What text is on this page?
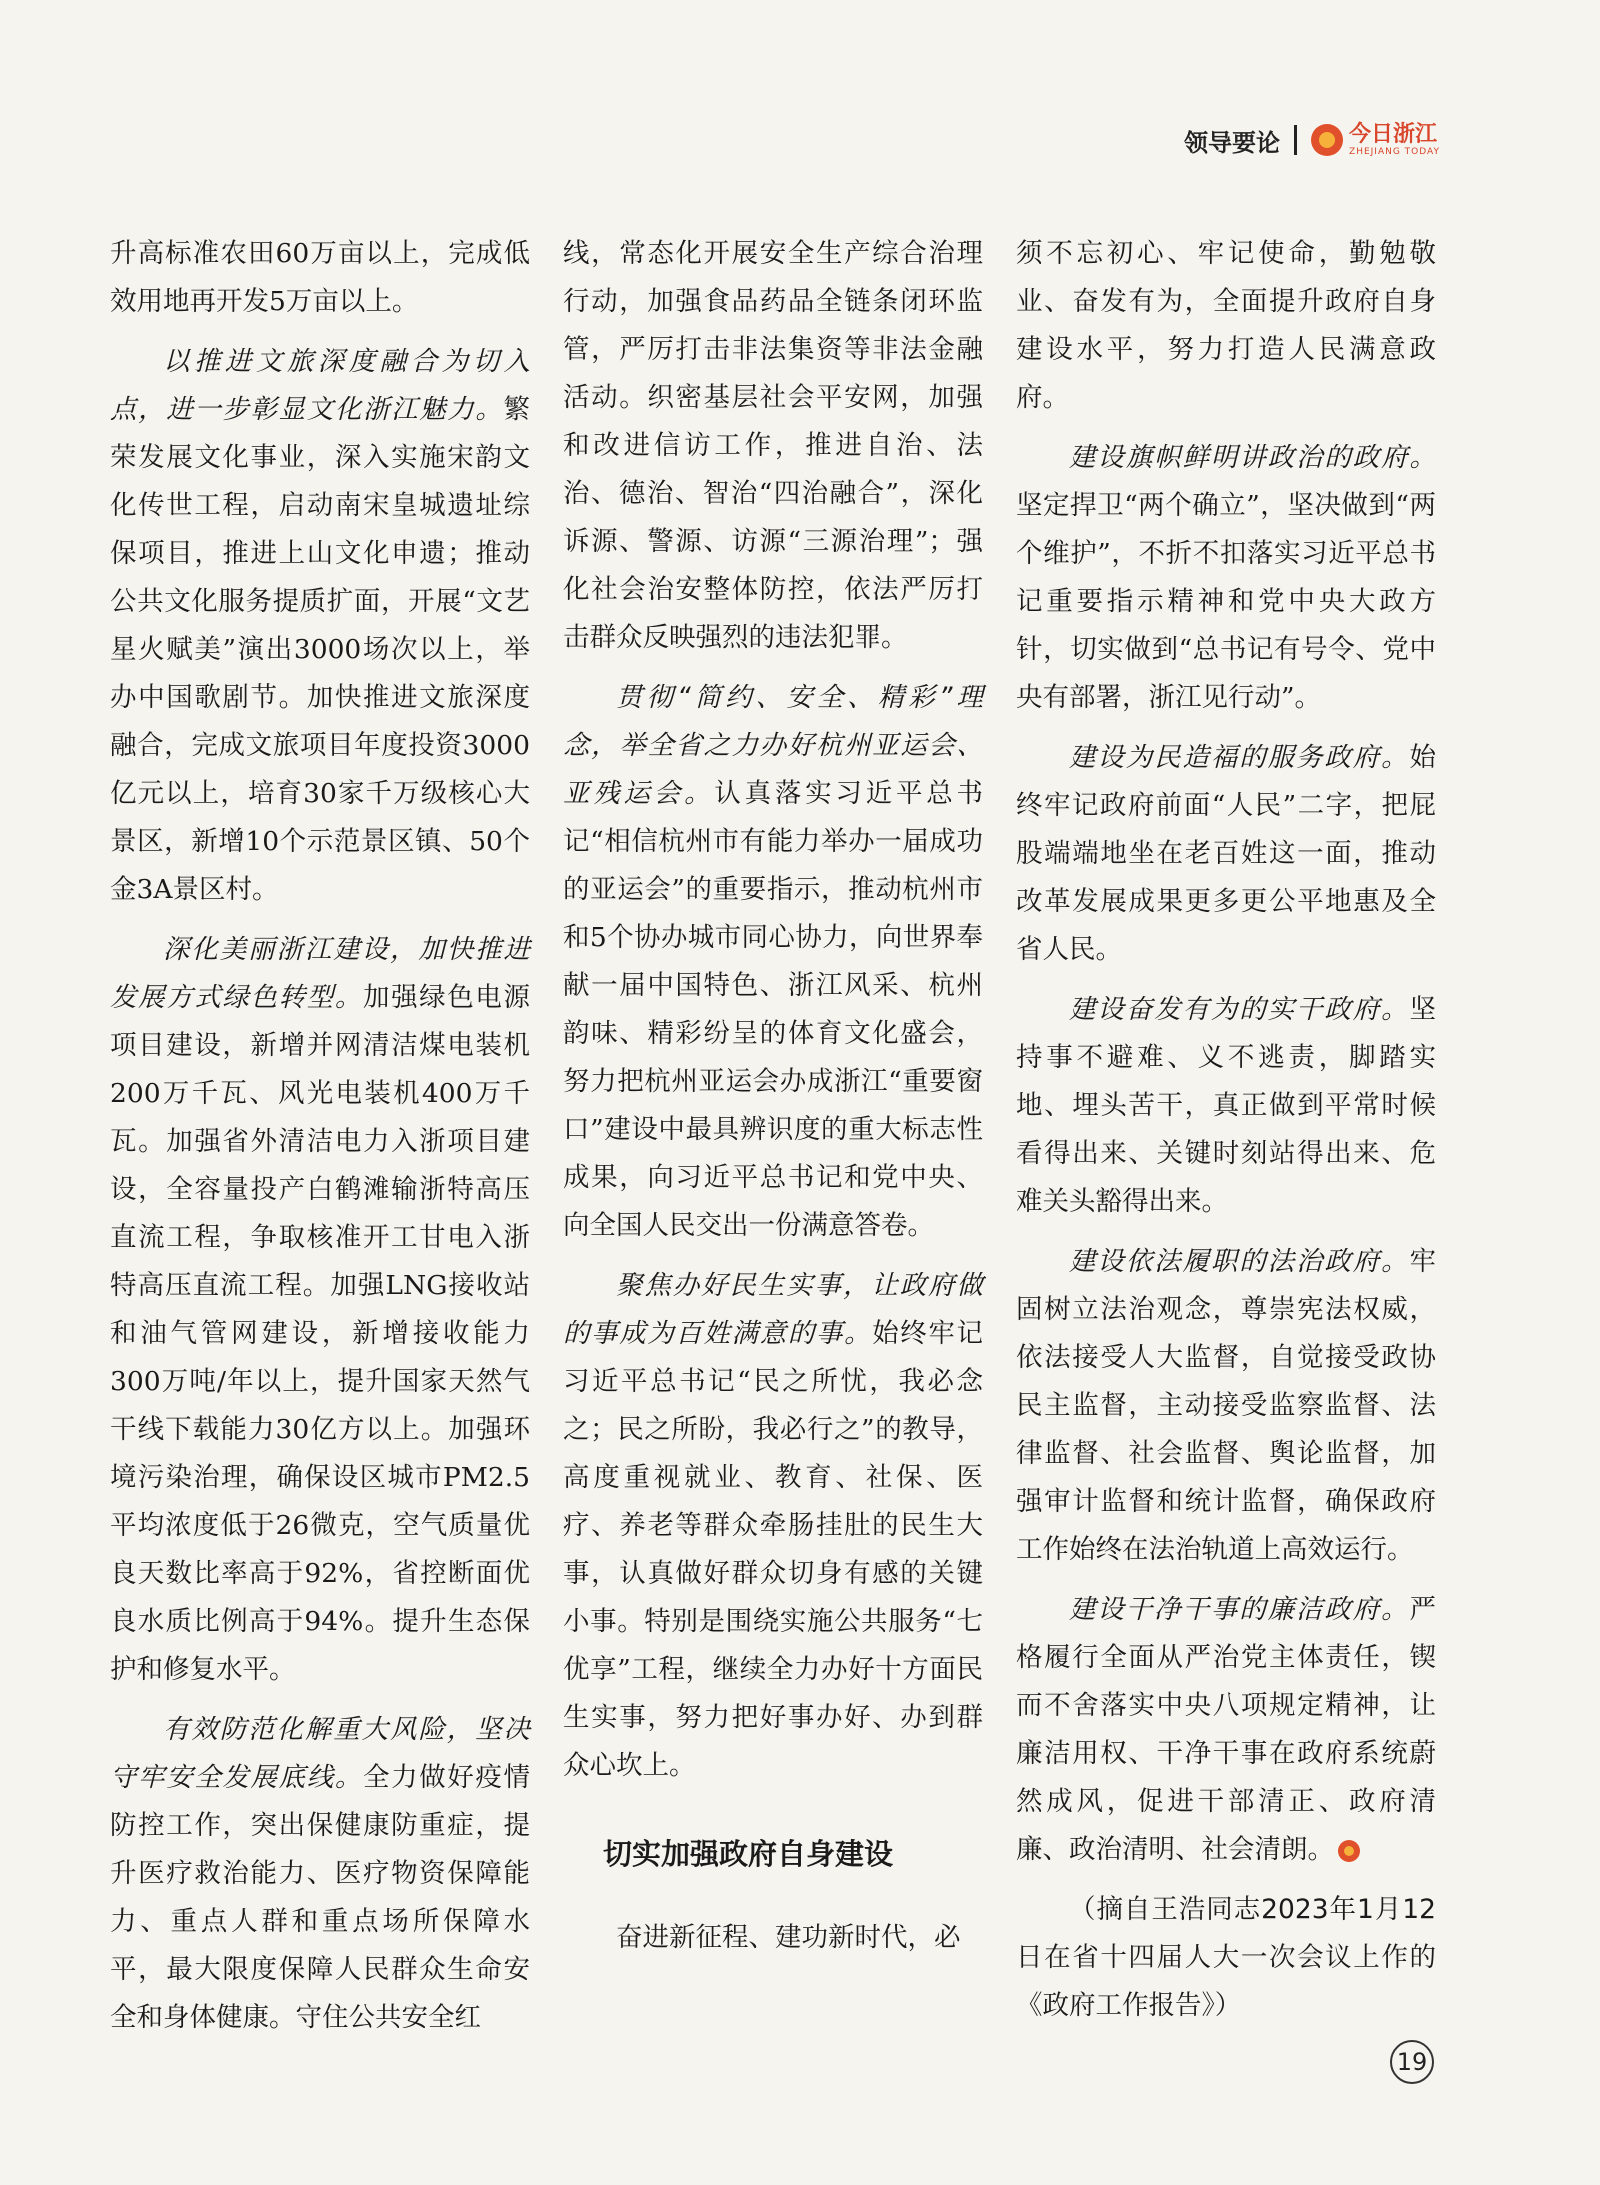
领导要论	今日浙江
ZHEJIANG TODAY

升高标准农田60万亩以上，完成低效用地再开发5万亩以上。

以推进文旅深度融合为切入点，进一步彰显文化浙江魅力。繁荣发展文化事业，深入实施宋韵文化传世工程，启动南宋皇城遗址综保项目，推进上山文化申遗；推动公共文化服务提质扩面，开展“文艺星火赋美”演出3000场次以上，举办中国歌剧节。加快推进文旅深度融合，完成文旅项目年度投资3000亿元以上，培育30家千万级核心大景区，新增10个示范景区镇、50个金3A景区村。

深化美丽浙江建设，加快推进发展方式绿色转型。加强绿色电源项目建设，新增并网清洁煤电装机200万千瓦、风光电装机400万千瓦。加强省外清洁电力入浙项目建设，全容量投产白鹤滩输浙特高压直流工程，争取核准开工甘电入浙特高压直流工程。加强LNG接收站和油气管网建设，新增接收能力300万吨/年以上，提升国家天然气干线下载能力30亿方以上。加强环境污染治理，确保设区城市PM2.5平均浓度低于26微克，空气质量优良天数比率高于92%，省控断面优良水质比例高于94%。提升生态保护和修复水平。

有效防范化解重大风险，坚决守牢安全发展底线。全力做好疫情防控工作，突出保健康防重症，提升医疗救治能力、医疗物资保障能力、重点人群和重点场所保障水平，最大限度保障人民群众生命安全和身体健康。守住公共安全红

线，常态化开展安全生产综合治理行动，加强食品药品全链条闭环监管，严厉打击非法集资等非法金融活动。织密基层社会平安网，加强和改进信访工作，推进自治、法治、德治、智治“四治融合”，深化诉源、警源、访源“三源治理”；强化社会治安整体防控，依法严厉打击群众反映强烈的违法犯罪。

贯彻“简约、安全、精彩”理念，举全省之力办好杭州亚运会、亚残运会。认真落实习近平总书记“相信杭州市有能力举办一届成功的亚运会”的重要指示，推动杭州市和5个协办城市同心协力，向世界奉献一届中国特色、浙江风采、杭州韵味、精彩纷呈的体育文化盛会，努力把杭州亚运会办成浙江“重要窗口”建设中最具辨识度的重大标志性成果，向习近平总书记和党中央、向全国人民交出一份满意答卷。

聚焦办好民生实事，让政府做的事成为百姓满意的事。始终牢记习近平总书记“民之所忧，我必念之；民之所盼，我必行之”的教导，高度重视就业、教育、社保、医疗、养老等群众牵肠挂肚的民生大事，认真做好群众切身有感的关键小事。特别是围绕实施公共服务“七优享”工程，继续全力办好十方面民生实事，努力把好事办好、办到群众心坎上。

切实加强政府自身建设

奋进新征程、建功新时代，必

须不忘初心、牢记使命，勤勉敬业、奋发有为，全面提升政府自身建设水平，努力打造人民满意政府。

建设旗帜鲜明讲政治的政府。坚定捍卫“两个确立”，坚决做到“两个维护”，不折不扣落实习近平总书记重要指示精神和党中央大政方针，切实做到“总书记有号令、党中央有部署，浙江见行动”。

建设为民造福的服务政府。始终牢记政府前面“人民”二字，把屁股端端地坐在老百姓这一面，推动改革发展成果更多更公平地惠及全省人民。

建设奋发有为的实干政府。坚持事不避难、义不逃责，脚踏实地、埋头苦干，真正做到平常时候看得出来、关键时刻站得出来、危难关头豁得出来。

建设依法履职的法治政府。牢固树立法治观念，尊崇宪法权威，依法接受人大监督，自觉接受政协民主监督，主动接受监察监督、法律监督、社会监督、舆论监督，加强审计监督和统计监督，确保政府工作始终在法治轨道上高效运行。

建设干净干事的廉洁政府。严格履行全面从严治党主体责任，锲而不舍落实中央八项规定精神，让廉洁用权、干净干事在政府系统蔚然成风，促进干部清正、政府清廉、政治清明、社会清朗。

（摘自王浩同志2023年1月12日在省十四届人大一次会议上作的《政府工作报告》）

19
